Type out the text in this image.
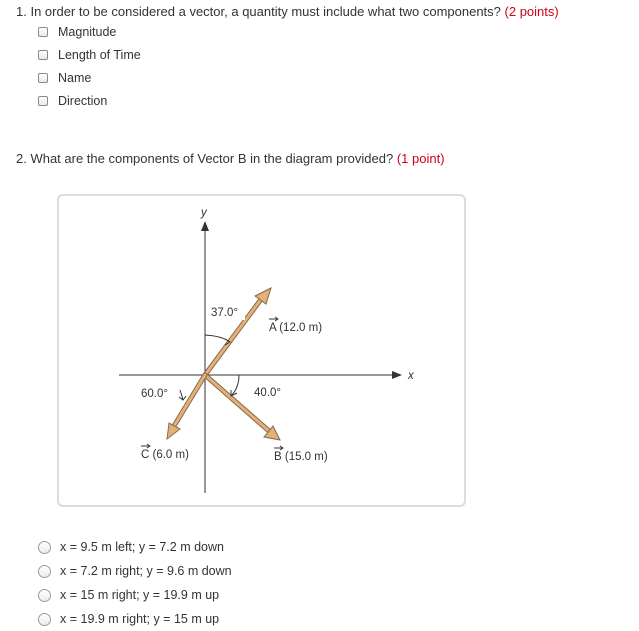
1. In order to be considered a vector, a quantity must include what two components? (2 points)
Magnitude
Length of Time
Name
Direction
2. What are the components of Vector B in the diagram provided? (1 point)
y
x
37.0°
40.0°
60.0°
A (12.0 m)
B (15.0 m)
C (6.0 m)
x = 9.5 m left; y = 7.2 m down
x = 7.2 m right; y = 9.6 m down
x = 15 m right; y = 19.9 m up
x = 19.9 m right; y = 15 m up
